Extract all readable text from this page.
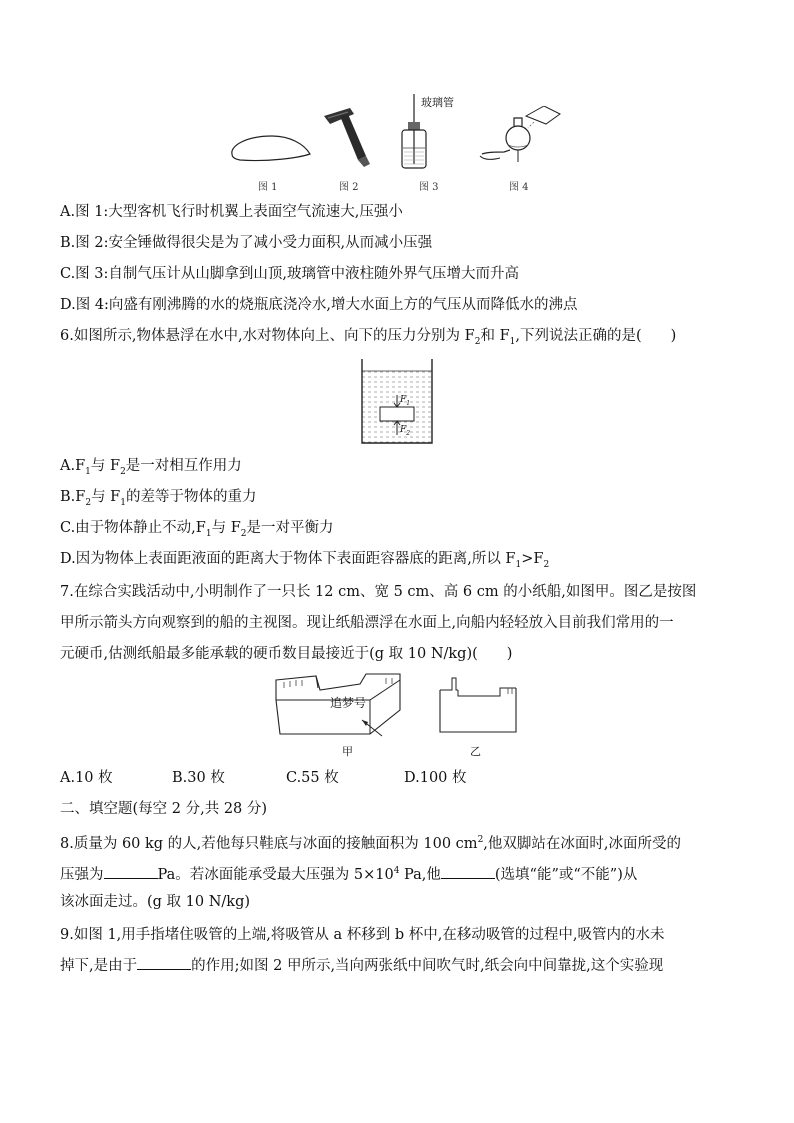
图 1	图 2
玻璃管
图 3	图 4
A.图 1:大型客机飞行时机翼上表面空气流速大,压强小
B.图 2:安全锤做得很尖是为了减小受力面积,从而减小压强
C.图 3:自制气压计从山脚拿到山顶,玻璃管中液柱随外界气压增大而升高
D.图 4:向盛有刚沸腾的水的烧瓶底浇冷水,增大水面上方的气压从而降低水的沸点
6.如图所示,物体悬浮在水中,水对物体向上、向下的压力分别为 $F_2$和 $F_1$,下列说法正确的是(　　)
$F_1$
$F_2$
$A.F_1$与 $F_2$是一对相互作用力
$B.F_2$与 $F_1$的差等于物体的重力
C.由于物体静止不动$,F_1$与 $F_2$是一对平衡力
D.因为物体上表面距液面的距离大于物体下表面距容器底的距离,所以 $F_1>F_2$
7.在综合实践活动中,小明制作了一只长 12 cm、宽 5 cm、高 6 cm 的小纸船,如图甲。图乙是按图
甲所示箭头方向观察到的船的主视图。现让纸船漂浮在水面上,向船内轻轻放入目前我们常用的一
元硬币,估测纸船最多能承载的硬币数目最接近于(g 取 10 N/kg)(　　)
追梦号
甲	乙
A.10 枚	B.30 枚	C.55 枚	D.100 枚
二、填空题(每空 2 分,共 28 分)
8.质量为 60 kg 的人,若他每只鞋底与冰面的接触面积为 100 $cm^2$,他双脚站在冰面时,冰面所受的
压强为	Pa。若冰面能承受最大压强为 $5\times 10^4$ Pa,他	(选填“能”或“不能”)从
该冰面走过。(g 取 10 N/kg)
9.如图 1,用手指堵住吸管的上端,将吸管从 a 杯移到 b 杯中,在移动吸管的过程中,吸管内的水未
掉下,是由于	的作用;如图 2 甲所示,当向两张纸中间吹气时,纸会向中间靠拢,这个实验现
